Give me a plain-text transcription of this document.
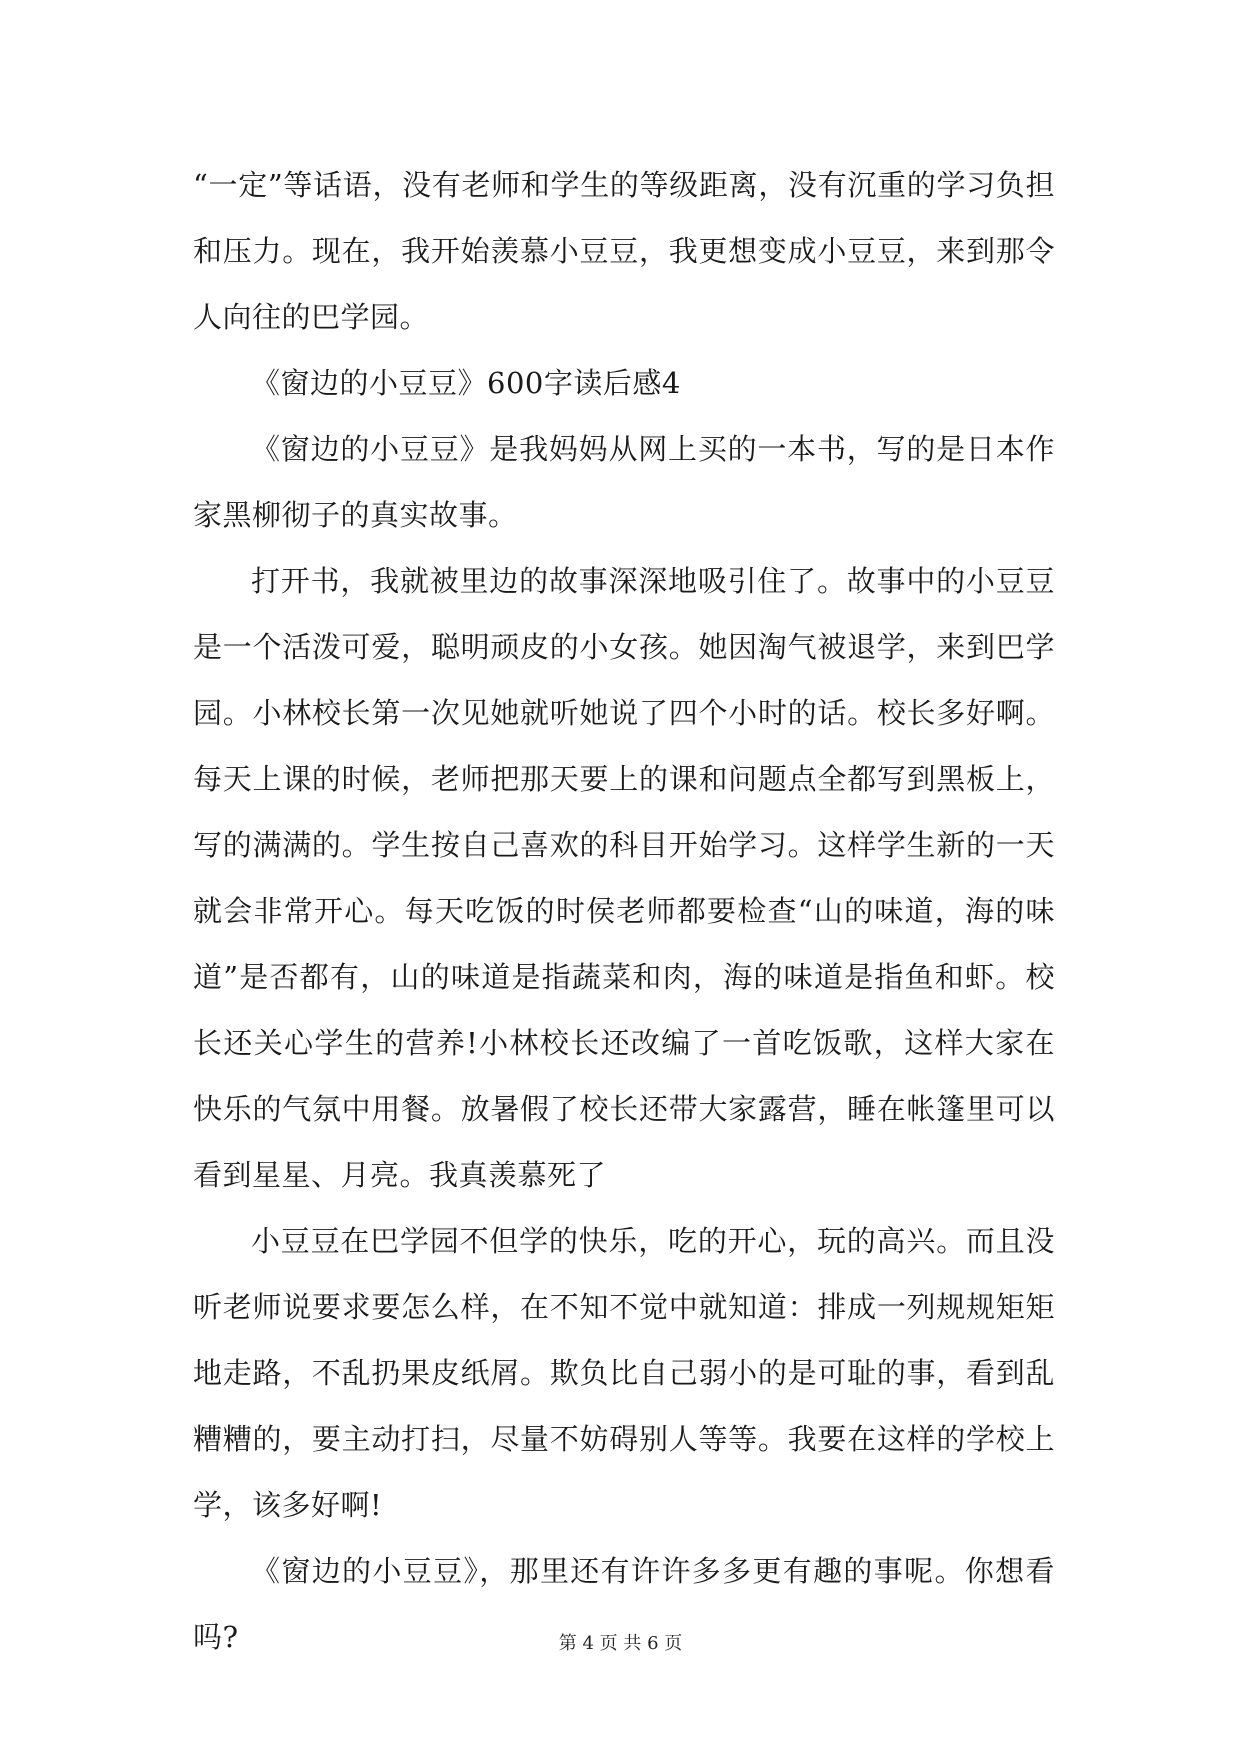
“一定”等话语，没有老师和学生的等级距离，没有沉重的学习负担和压力。现在，我开始羡慕小豆豆，我更想变成小豆豆，来到那令人向往的巴学园。

《窗边的小豆豆》600字读后感4

《窗边的小豆豆》是我妈妈从网上买的一本书，写的是日本作家黑柳彻子的真实故事。

打开书，我就被里边的故事深深地吸引住了。故事中的小豆豆是一个活泼可爱，聪明顽皮的小女孩。她因淘气被退学，来到巴学园。小林校长第一次见她就听她说了四个小时的话。校长多好啊。每天上课的时候，老师把那天要上的课和问题点全都写到黑板上，写的满满的。学生按自己喜欢的科目开始学习。这样学生新的一天就会非常开心。每天吃饭的时侯老师都要检查“山的味道，海的味道”是否都有，山的味道是指蔬菜和肉，海的味道是指鱼和虾。校长还关心学生的营养!小林校长还改编了一首吃饭歌，这样大家在快乐的气氛中用餐。放暑假了校长还带大家露营，睡在帐篷里可以看到星星、月亮。我真羡慕死了

小豆豆在巴学园不但学的快乐，吃的开心，玩的高兴。而且没听老师说要求要怎么样，在不知不觉中就知道：排成一列规规矩矩地走路，不乱扔果皮纸屑。欺负比自己弱小的是可耻的事，看到乱糟糟的，要主动打扫，尽量不妨碍别人等等。我要在这样的学校上学，该多好啊!

《窗边的小豆豆》，那里还有许许多多更有趣的事呢。你想看吗?	第 4 页 共 6 页
